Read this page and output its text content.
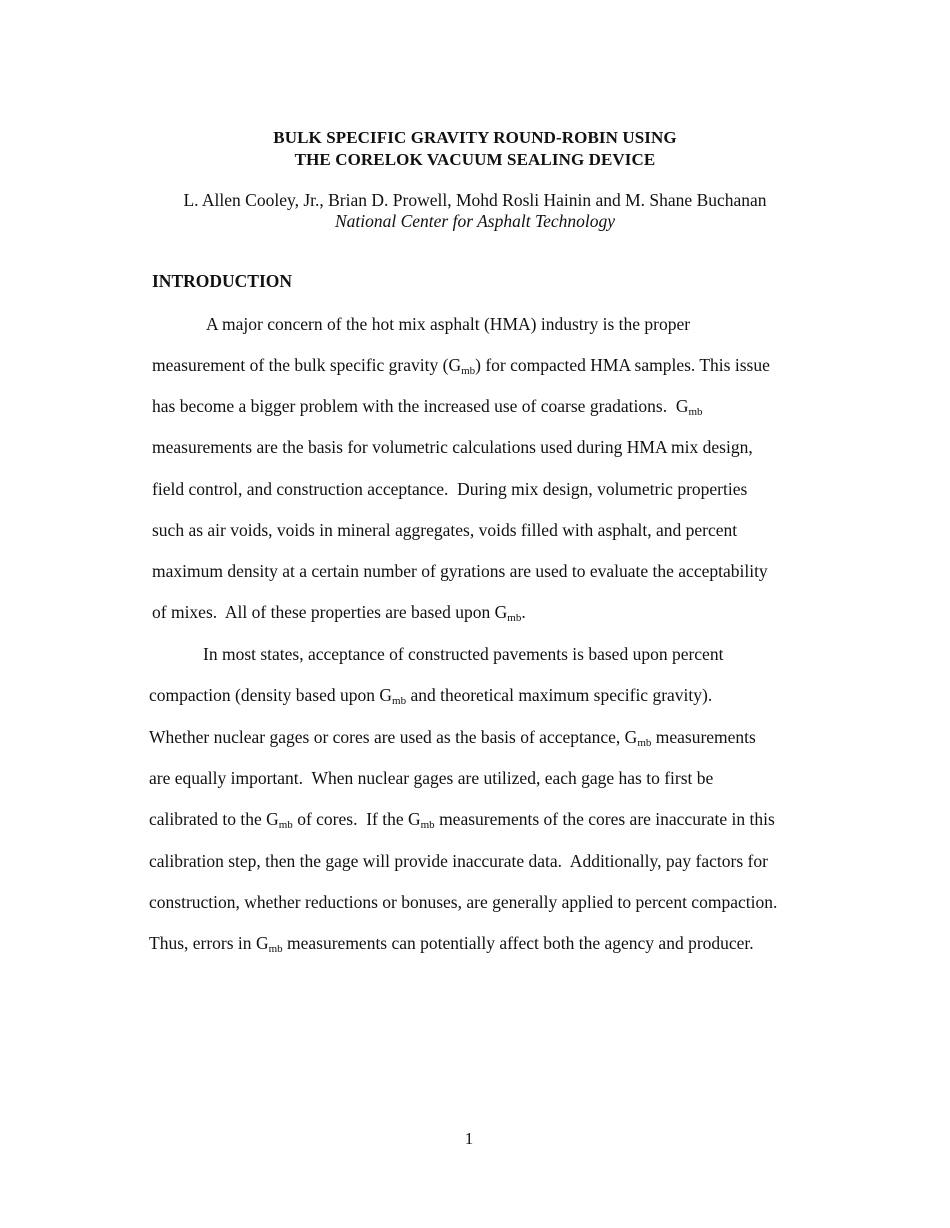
BULK SPECIFIC GRAVITY ROUND-ROBIN USING
THE CORELOK VACUUM SEALING DEVICE
L. Allen Cooley, Jr., Brian D. Prowell, Mohd Rosli Hainin and M. Shane Buchanan
National Center for Asphalt Technology
INTRODUCTION
A major concern of the hot mix asphalt (HMA) industry is the proper
measurement of the bulk specific gravity $(G_{mb})$ for compacted HMA samples. This issue
has become a bigger problem with the increased use of coarse gradations.  $G_{mb}$
measurements are the basis for volumetric calculations used during HMA mix design,
field control, and construction acceptance.  During mix design, volumetric properties
such as air voids, voids in mineral aggregates, voids filled with asphalt, and percent
maximum density at a certain number of gyrations are used to evaluate the acceptability
of mixes.  All of these properties are based upon $G_{mb}$.
In most states, acceptance of constructed pavements is based upon percent
compaction (density based upon $G_{mb}$ and theoretical maximum specific gravity).
Whether nuclear gages or cores are used as the basis of acceptance, $G_{mb}$ measurements
are equally important.  When nuclear gages are utilized, each gage has to first be
calibrated to the $G_{mb}$ of cores.  If the $G_{mb}$ measurements of the cores are inaccurate in this
calibration step, then the gage will provide inaccurate data.  Additionally, pay factors for
construction, whether reductions or bonuses, are generally applied to percent compaction.
Thus, errors in $G_{mb}$ measurements can potentially affect both the agency and producer.
1
